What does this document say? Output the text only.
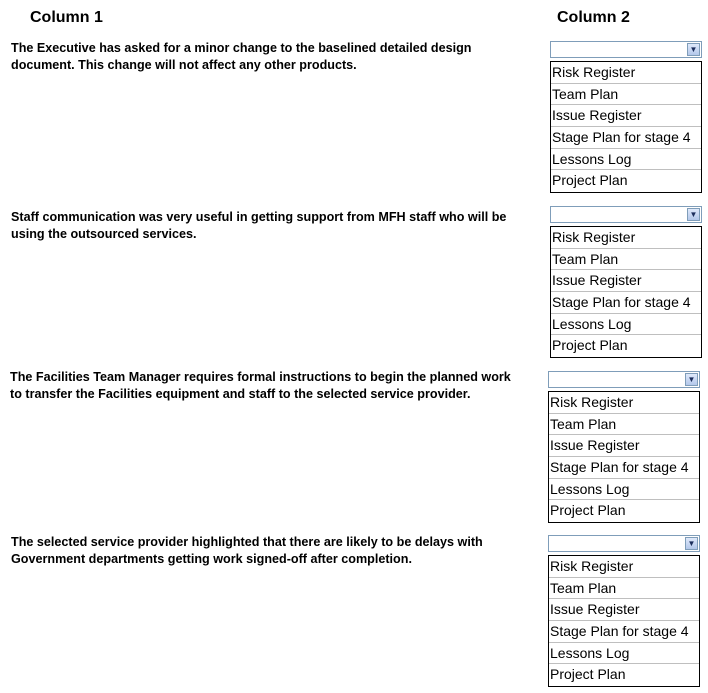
Column 1	Column 2
The Executive has asked for a minor change to the baselined detailed design document. This change will not affect any other products.
▼
Risk Register
Team Plan
Issue Register
Stage Plan for stage 4
Lessons Log
Project Plan
Staff communication was very useful in getting support from MFH staff who will be using the outsourced services.
▼
Risk Register
Team Plan
Issue Register
Stage Plan for stage 4
Lessons Log
Project Plan
The Facilities Team Manager requires formal instructions to begin the planned work to transfer the Facilities equipment and staff to the selected service provider.
▼
Risk Register
Team Plan
Issue Register
Stage Plan for stage 4
Lessons Log
Project Plan
The selected service provider highlighted that there are likely to be delays with Government departments getting work signed-off after completion.
▼
Risk Register
Team Plan
Issue Register
Stage Plan for stage 4
Lessons Log
Project Plan
